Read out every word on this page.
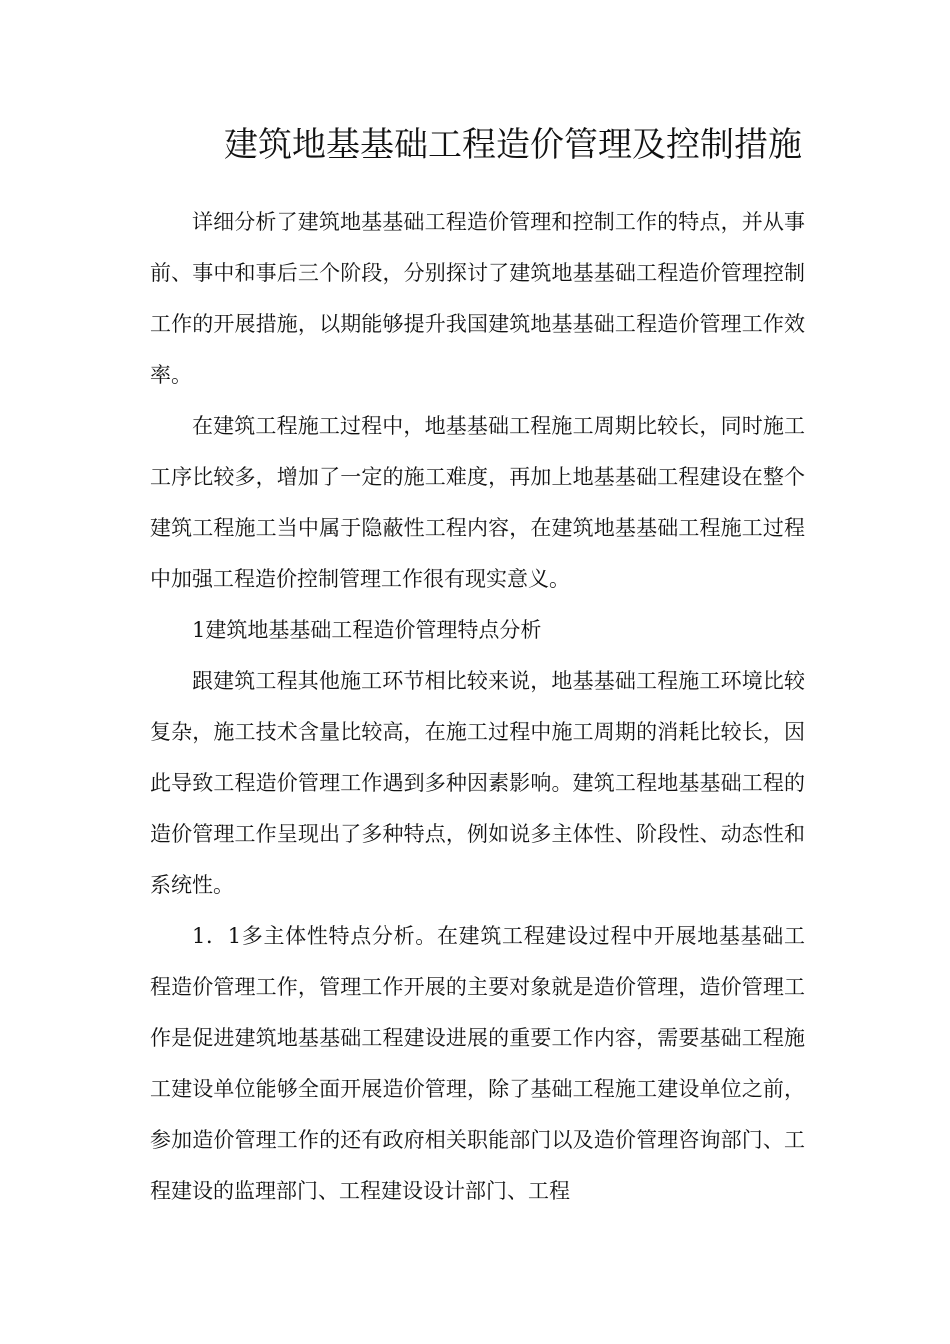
建筑地基基础工程造价管理及控制措施

详细分析了建筑地基基础工程造价管理和控制工作的特点，并从事前、事中和事后三个阶段，分别探讨了建筑地基基础工程造价管理控制工作的开展措施，以期能够提升我国建筑地基基础工程造价管理工作效率。

在建筑工程施工过程中，地基基础工程施工周期比较长，同时施工工序比较多，增加了一定的施工难度，再加上地基基础工程建设在整个建筑工程施工当中属于隐蔽性工程内容，在建筑地基基础工程施工过程中加强工程造价控制管理工作很有现实意义。

1建筑地基基础工程造价管理特点分析

跟建筑工程其他施工环节相比较来说，地基基础工程施工环境比较复杂，施工技术含量比较高，在施工过程中施工周期的消耗比较长，因此导致工程造价管理工作遇到多种因素影响。建筑工程地基基础工程的造价管理工作呈现出了多种特点，例如说多主体性、阶段性、动态性和系统性。

1．1多主体性特点分析。在建筑工程建设过程中开展地基基础工程造价管理工作，管理工作开展的主要对象就是造价管理，造价管理工作是促进建筑地基基础工程建设进展的重要工作内容，需要基础工程施工建设单位能够全面开展造价管理，除了基础工程施工建设单位之前，参加造价管理工作的还有政府相关职能部门以及造价管理咨询部门、工程建设的监理部门、工程建设设计部门、工程
